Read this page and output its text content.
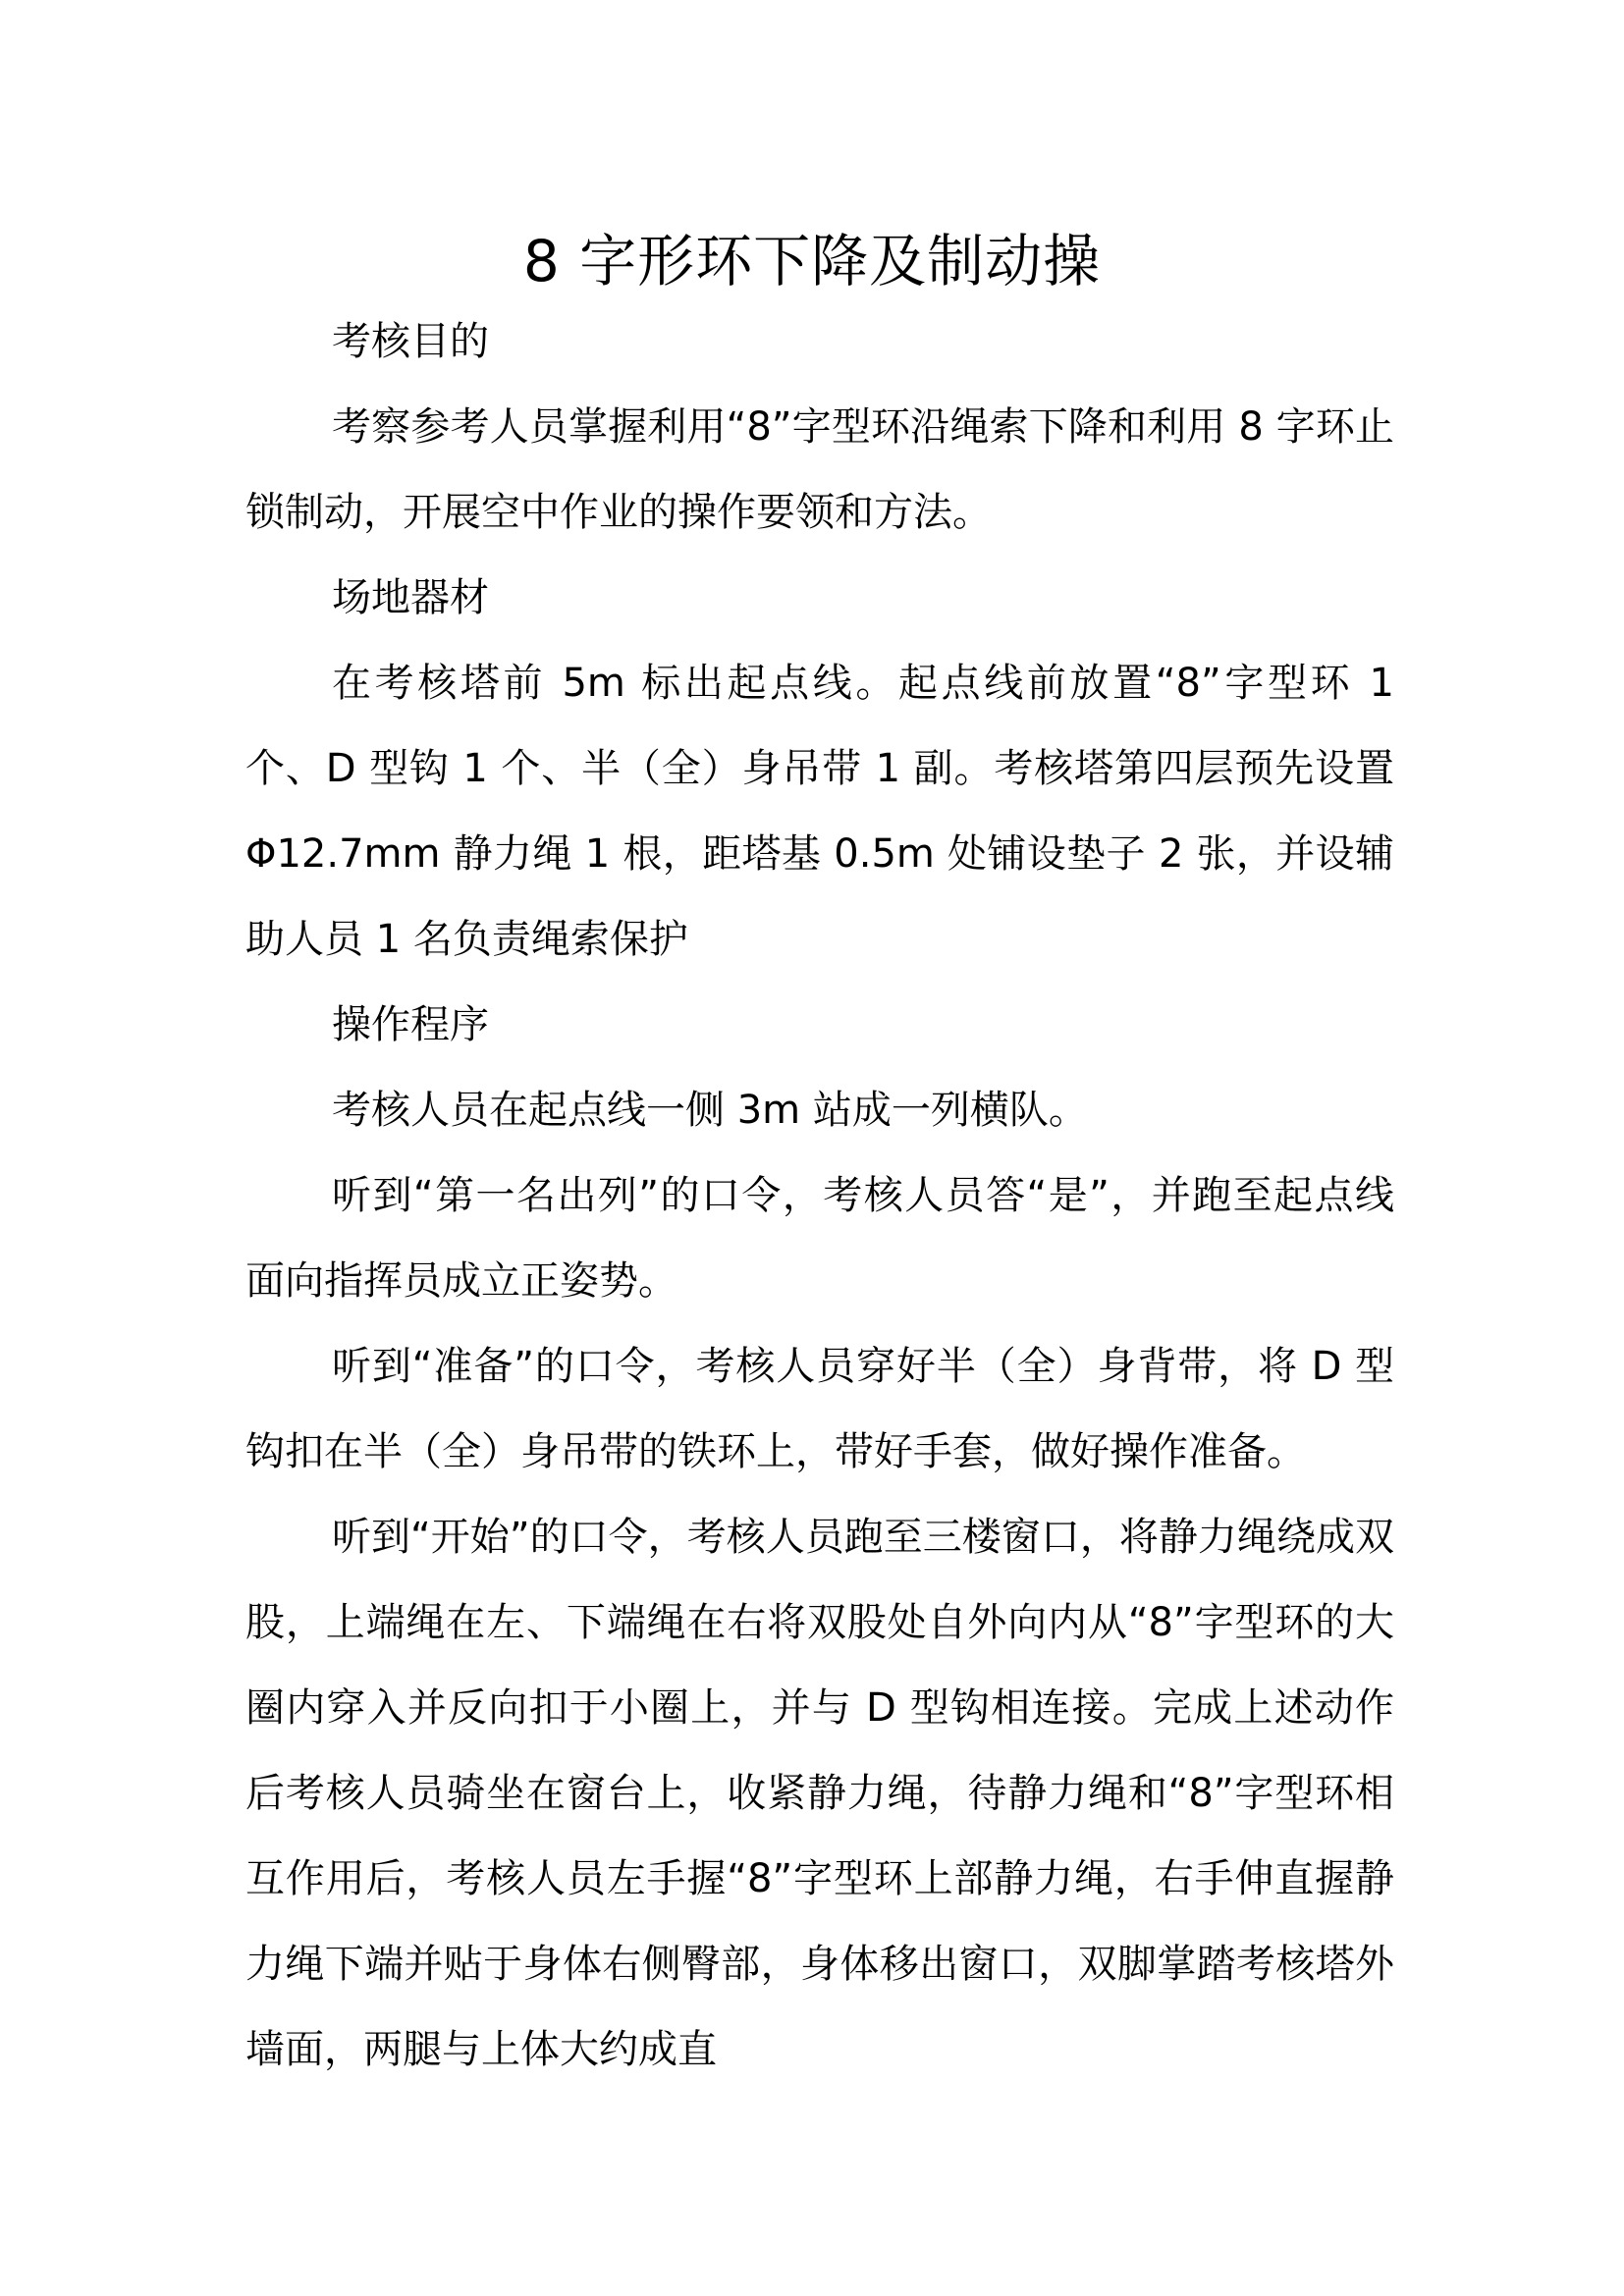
8 字形环下降及制动操

考核目的

考察参考人员掌握利用“8”字型环沿绳索下降和利用 8 字环止锁制动，开展空中作业的操作要领和方法。

场地器材

在考核塔前 5m 标出起点线。起点线前放置“8”字型环 1 个、D 型钩 1 个、半（全）身吊带 1 副。考核塔第四层预先设置Φ12.7mm 静力绳 1 根，距塔基 0.5m 处铺设垫子 2 张，并设辅助人员 1 名负责绳索保护

操作程序

考核人员在起点线一侧 3m 站成一列横队。

听到“第一名出列”的口令，考核人员答“是”，并跑至起点线面向指挥员成立正姿势。

听到“准备”的口令，考核人员穿好半（全）身背带，将 D 型钩扣在半（全）身吊带的铁环上，带好手套，做好操作准备。

听到“开始”的口令，考核人员跑至三楼窗口，将静力绳绕成双股，上端绳在左、下端绳在右将双股处自外向内从“8”字型环的大圈内穿入并反向扣于小圈上，并与 D 型钩相连接。完成上述动作后考核人员骑坐在窗台上，收紧静力绳，待静力绳和“8”字型环相互作用后，考核人员左手握“8”字型环上部静力绳，右手伸直握静力绳下端并贴于身体右侧臀部，身体移出窗口，双脚掌踏考核塔外墙面，两腿与上体大约成直
